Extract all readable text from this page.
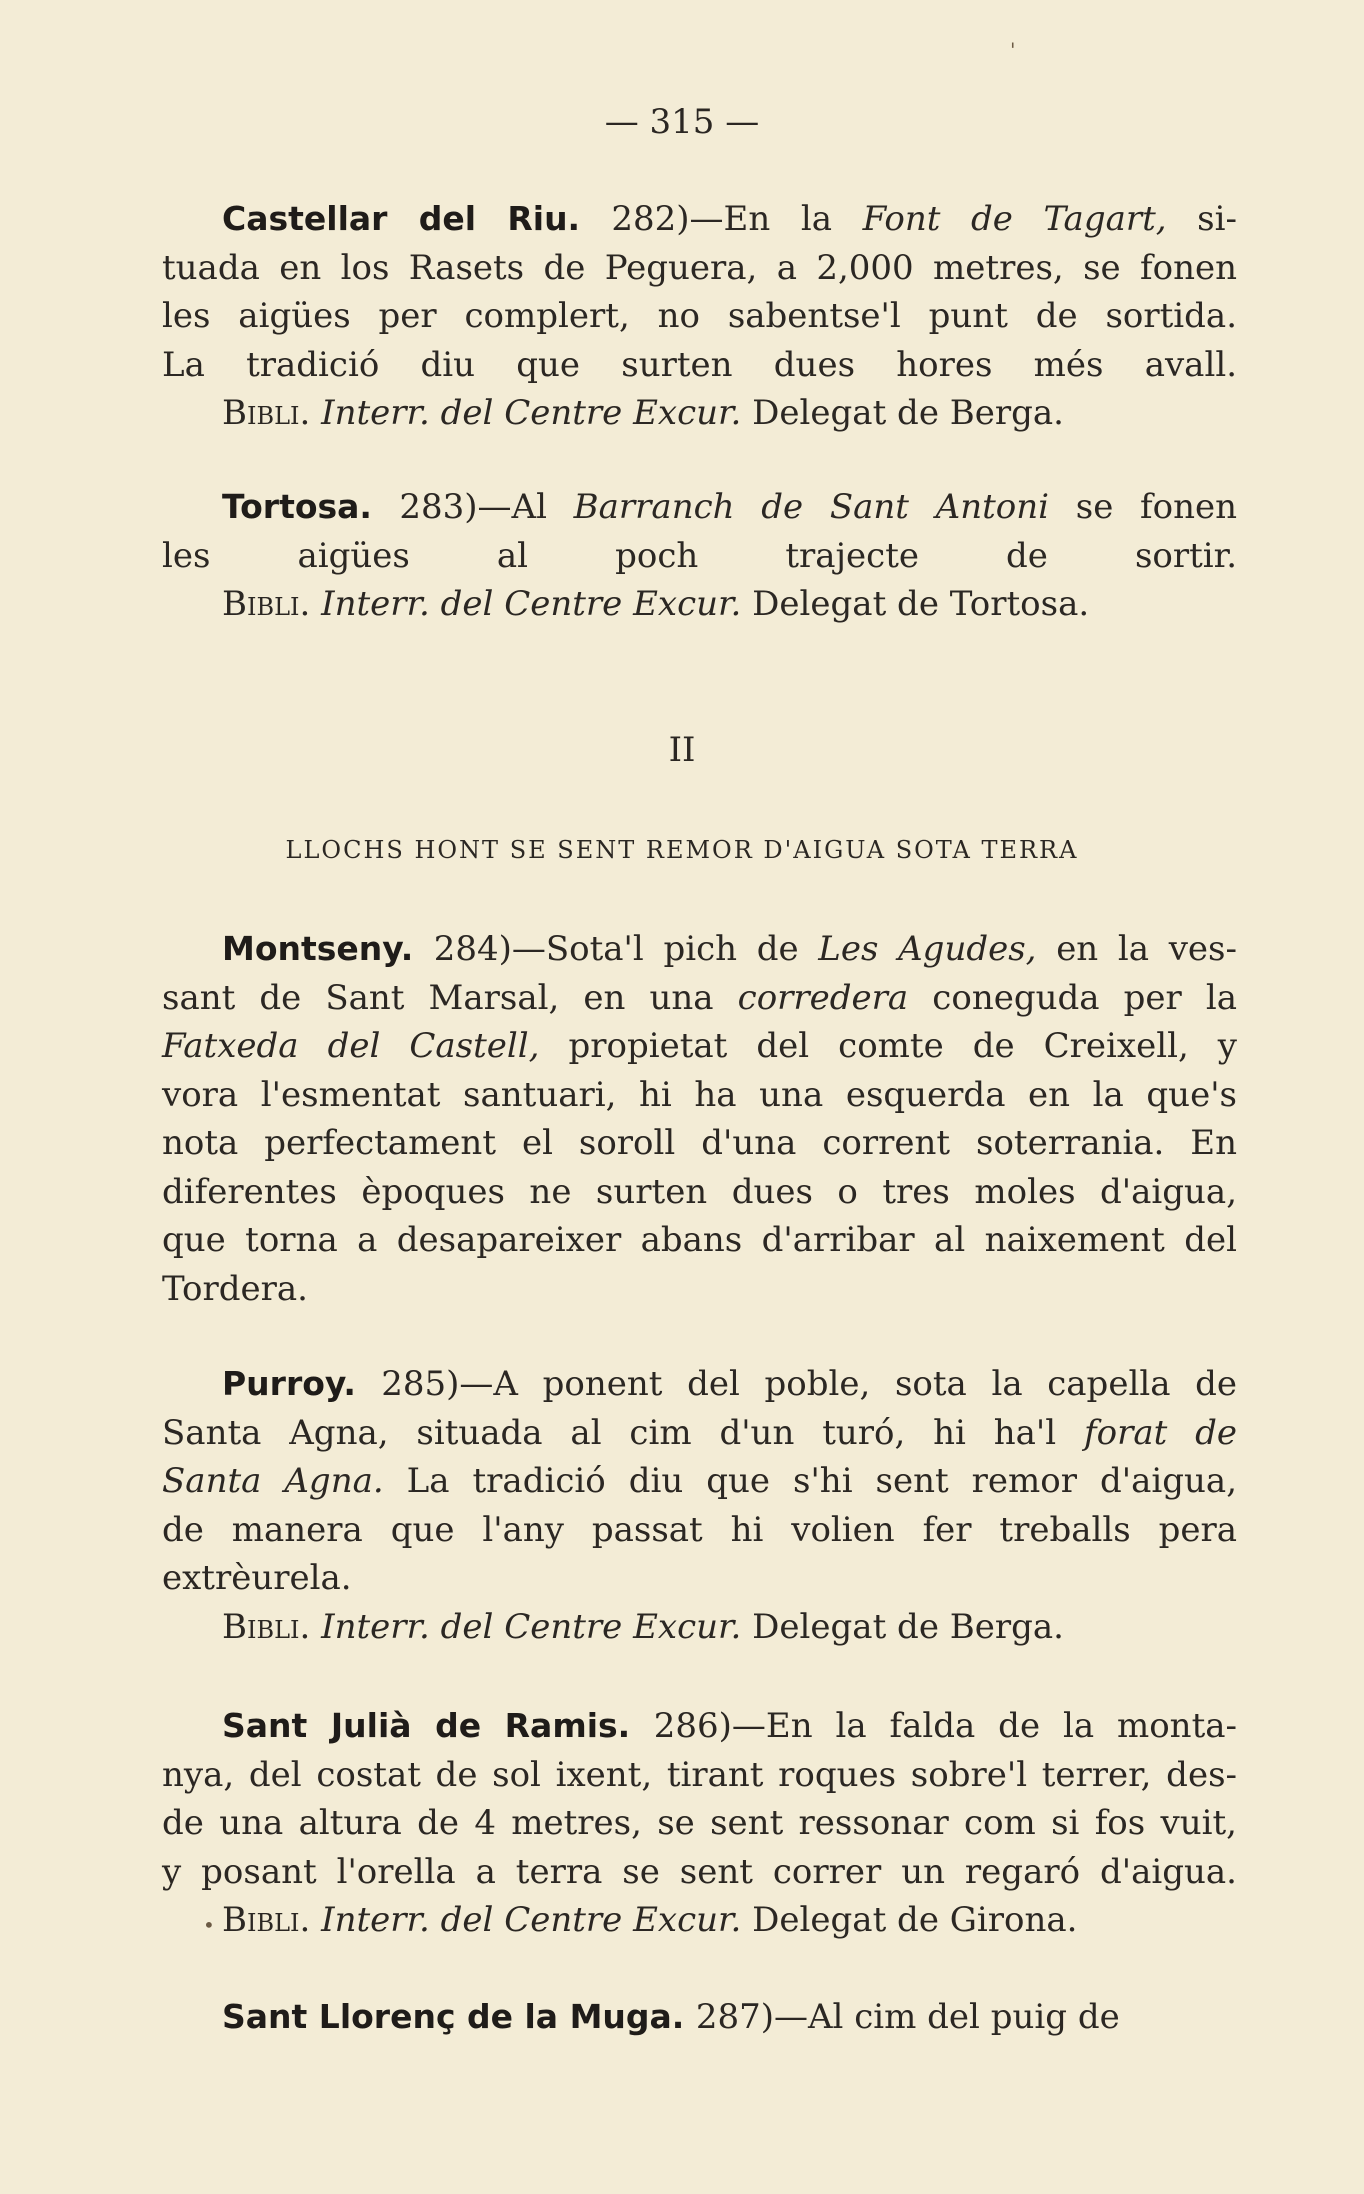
— 315 —
Castellar del Riu. 282)—En la Font de Tagart, si-
tuada en los Rasets de Peguera, a 2,000 metres, se fonen
les aigües per complert, no sabentse'l punt de sortida.
La tradició diu que surten dues hores més avall.
Bibli. Interr. del Centre Excur. Delegat de Berga.
Tortosa. 283)—Al Barranch de Sant Antoni se fonen
les aigües al poch trajecte de sortir.
Bibli. Interr. del Centre Excur. Delegat de Tortosa.
Montseny. 284)—Sota'l pich de Les Agudes, en la ves-
sant de Sant Marsal, en una corredera coneguda per la
Fatxeda del Castell, propietat del comte de Creixell, y
vora l'esmentat santuari, hi ha una esquerda en la que's
nota perfectament el soroll d'una corrent soterrania. En
diferentes èpoques ne surten dues o tres moles d'aigua,
que torna a desapareixer abans d'arribar al naixement del
Tordera.
Purroy. 285)—A ponent del poble, sota la capella de
Santa Agna, situada al cim d'un turó, hi ha'l forat de
Santa Agna. La tradició diu que s'hi sent remor d'aigua,
de manera que l'any passat hi volien fer treballs pera
extrèurela.
Bibli. Interr. del Centre Excur. Delegat de Berga.
Sant Julià de Ramis. 286)—En la falda de la monta-
nya, del costat de sol ixent, tirant roques sobre'l terrer, des-
de una altura de 4 metres, se sent ressonar com si fos vuit,
y posant l'orella a terra se sent correr un regaró d'aigua.
Bibli. Interr. del Centre Excur. Delegat de Girona.
Sant Llorenç de la Muga. 287)—Al cim del puig de
II
LLOCHS HONT SE SENT REMOR D'AIGUA SOTA TERRA
'
•
